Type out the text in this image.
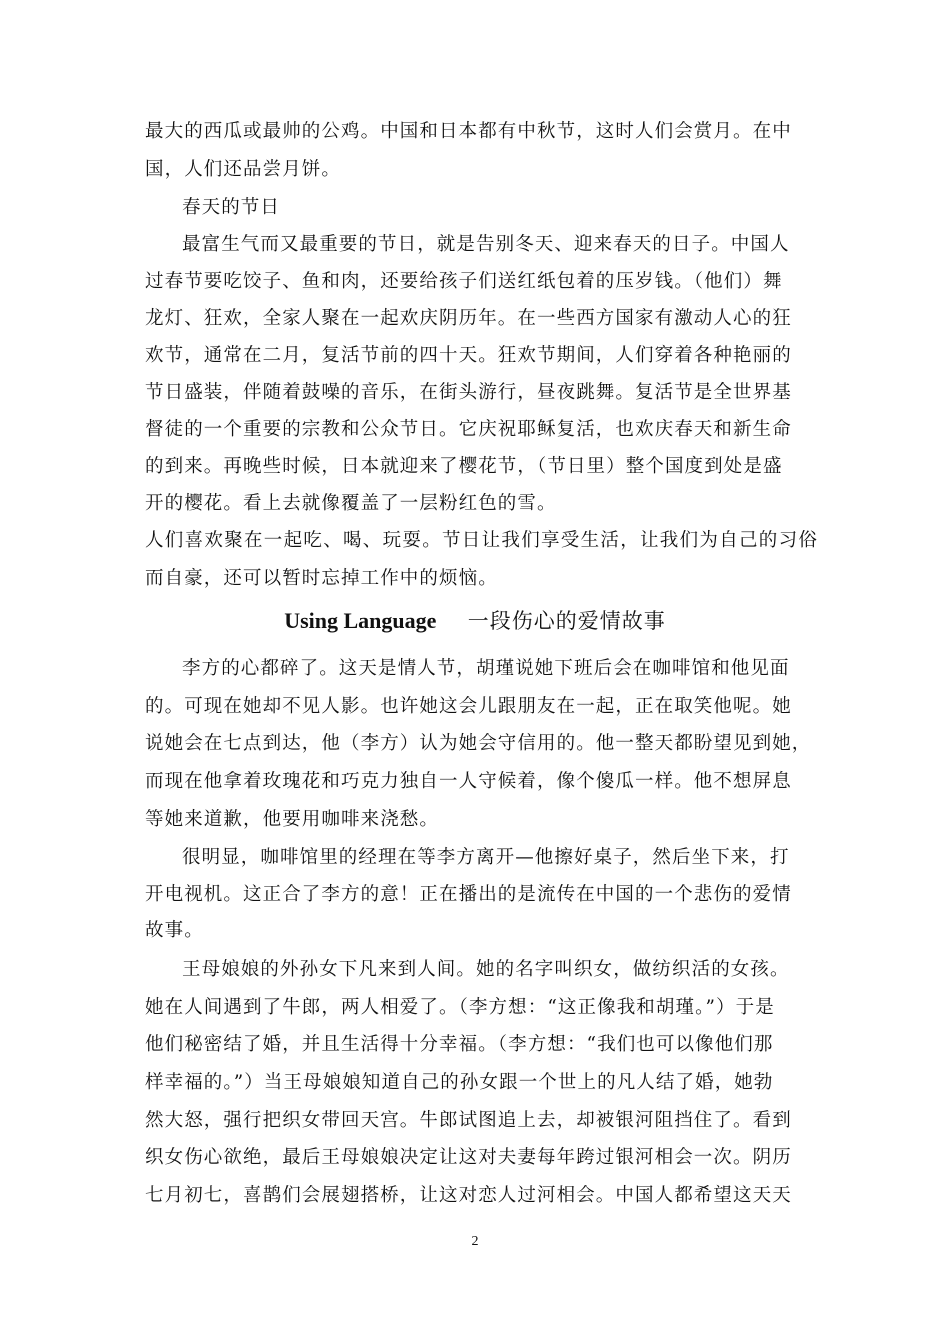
最大的西瓜或最帅的公鸡。中国和日本都有中秋节，这时人们会赏月。在中
国，人们还品尝月饼。
春天的节日
最富生气而又最重要的节日，就是告别冬天、迎来春天的日子。中国人
过春节要吃饺子、鱼和肉，还要给孩子们送红纸包着的压岁钱。（他们）舞
龙灯、狂欢，全家人聚在一起欢庆阴历年。在一些西方国家有激动人心的狂
欢节，通常在二月，复活节前的四十天。狂欢节期间，人们穿着各种艳丽的
节日盛装，伴随着鼓噪的音乐，在街头游行，昼夜跳舞。复活节是全世界基
督徒的一个重要的宗教和公众节日。它庆祝耶稣复活，也欢庆春天和新生命
的到来。再晚些时候，日本就迎来了樱花节，（节日里）整个国度到处是盛
开的樱花。看上去就像覆盖了一层粉红色的雪。
人们喜欢聚在一起吃、喝、玩耍。节日让我们享受生活，让我们为自己的习俗
而自豪，还可以暂时忘掉工作中的烦恼。
Using Language 一段伤心的爱情故事
李方的心都碎了。这天是情人节，胡瑾说她下班后会在咖啡馆和他见面
的。可现在她却不见人影。也许她这会儿跟朋友在一起，正在取笑他呢。她
说她会在七点到达，他（李方）认为她会守信用的。他一整天都盼望见到她，
而现在他拿着玫瑰花和巧克力独自一人守候着，像个傻瓜一样。他不想屏息
等她来道歉，他要用咖啡来浇愁。
很明显，咖啡馆里的经理在等李方离开—他擦好桌子，然后坐下来，打
开电视机。这正合了李方的意！正在播出的是流传在中国的一个悲伤的爱情
故事。
王母娘娘的外孙女下凡来到人间。她的名字叫织女，做纺织活的女孩。
她在人间遇到了牛郎，两人相爱了。（李方想：“这正像我和胡瑾。”）于是
他们秘密结了婚，并且生活得十分幸福。（李方想：“我们也可以像他们那
样幸福的。”）当王母娘娘知道自己的孙女跟一个世上的凡人结了婚，她勃
然大怒，强行把织女带回天宫。牛郎试图追上去，却被银河阻挡住了。看到
织女伤心欲绝，最后王母娘娘决定让这对夫妻每年跨过银河相会一次。阴历
七月初七，喜鹊们会展翅搭桥，让这对恋人过河相会。中国人都希望这天天
2
